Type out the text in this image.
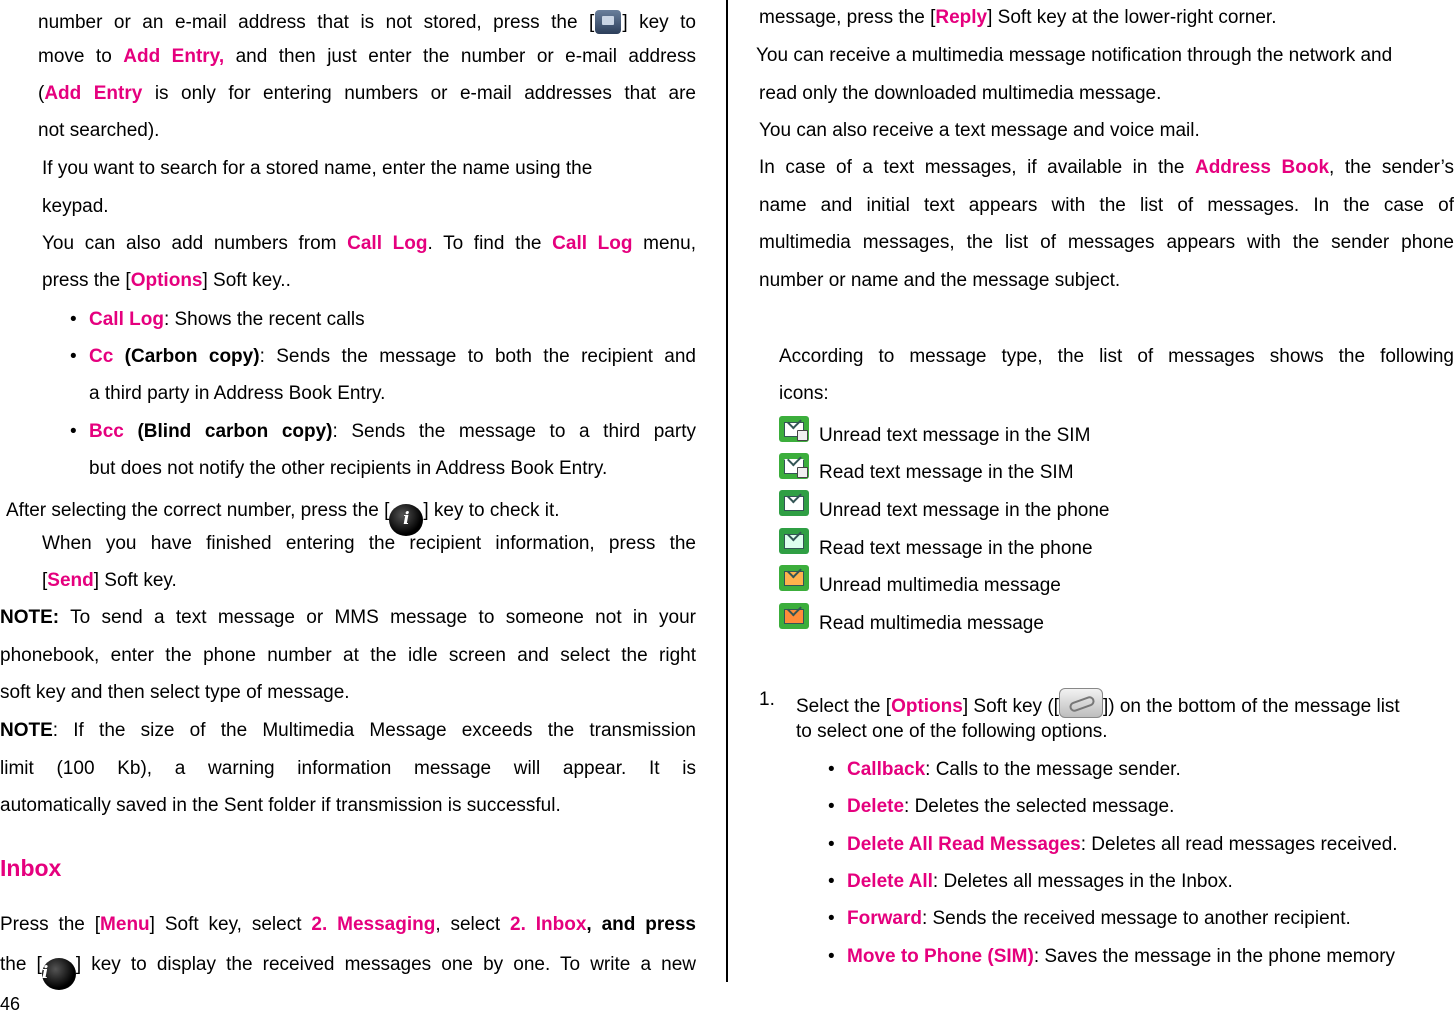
number or an e-mail address that is not stored, press the [ ] key to
move to Add Entry, and then just enter the number or e-mail address
(Add Entry is only for entering numbers or e-mail addresses that are
not searched).
If you want to search for a stored name, enter the name using the
keypad.
You can also add numbers from Call Log. To find the Call Log menu,
press the [Options] Soft key..
• Call Log: Shows the recent calls
• Cc (Carbon copy): Sends the message to both the recipient and
a third party in Address Book Entry.
• Bcc (Blind carbon copy): Sends the message to a third party
but does not notify the other recipients in Address Book Entry.
After selecting the correct number, press the [ i ] key to check it.
When you have finished entering the recipient information, press the
[Send] Soft key.
NOTE: To send a text message or MMS message to someone not in your
phonebook, enter the phone number at the idle screen and select the right
soft key and then select type of message.
NOTE: If the size of the Multimedia Message exceeds the transmission
limit (100 Kb), a warning information message will appear. It is
automatically saved in the Sent folder if transmission is successful.
Inbox
Press the [Menu] Soft key, select 2. Messaging, select 2. Inbox, and press
the [i ] key to display the received messages one by one. To write a new
46
message, press the [Reply] Soft key at the lower-right corner.
You can receive a multimedia message notification through the network and
read only the downloaded multimedia message.
You can also receive a text message and voice mail.
In case of a text messages, if available in the Address Book, the sender’s
name and initial text appears with the list of messages. In the case of
multimedia messages, the list of messages appears with the sender phone
number or name and the message subject.
According to message type, the list of messages shows the following
icons:
Unread text message in the SIM
Read text message in the SIM
Unread text message in the phone
Read text message in the phone
Unread multimedia message
Read multimedia message
1. Select the [Options] Soft key ([ ]) on the bottom of the message list
to select one of the following options.
• Callback: Calls to the message sender.
• Delete: Deletes the selected message.
• Delete All Read Messages: Deletes all read messages received.
• Delete All: Deletes all messages in the Inbox.
• Forward: Sends the received message to another recipient.
• Move to Phone (SIM): Saves the message in the phone memory
